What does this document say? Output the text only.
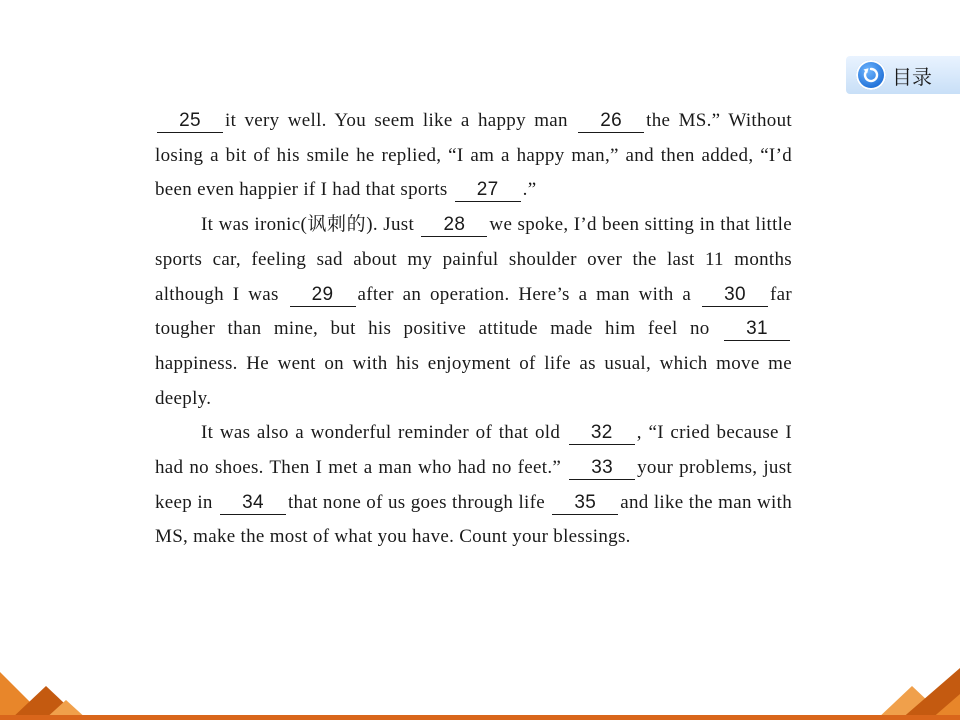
目录

25 it very well. You seem like a happy man 26 the MS.” Without losing a bit of his smile he replied, “I am a happy man,” and then added, “I’d been even happier if I had that sports 27 .”

It was ironic(讽刺的). Just 28 we spoke, I’d been sitting in that little sports car, feeling sad about my painful shoulder over the last 11 months although I was 29 after an operation. Here’s a man with a 30 far tougher than mine, but his positive attitude made him feel no 31happiness. He went on with his enjoyment of life as usual, which move me deeply.

It was also a wonderful reminder of that old 32 , “I cried because I had no shoes. Then I met a man who had no feet.” 33 your problems, just keep in 34 that none of us goes through life 35 and like the man with MS, make the most of what you have. Count your blessings.
